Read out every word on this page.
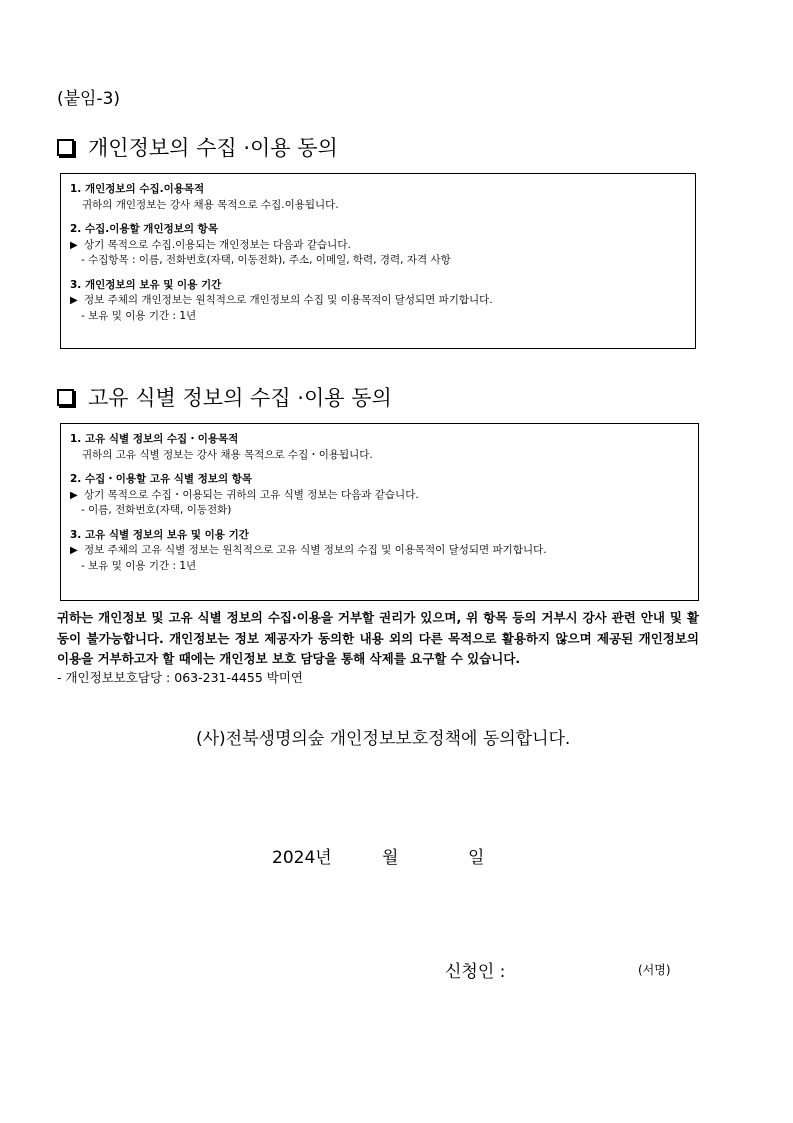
(붙임-3)
개인정보의 수집 ·이용 동의
1. 개인정보의 수집.이용목적
귀하의 개인정보는 강사 채용 목적으로 수집.이용됩니다.
2. 수집.이용할 개인정보의 항목
▶ 상기 목적으로 수집.이용되는 개인정보는 다음과 같습니다.
- 수집항목 : 이름, 전화번호(자택, 이동전화), 주소, 이메일, 학력, 경력, 자격 사항
3. 개인정보의 보유 및 이용 기간
▶ 정보 주체의 개인정보는 원칙적으로 개인정보의 수집 및 이용목적이 달성되면 파기합니다.
- 보유 및 이용 기간 : 1년
고유 식별 정보의 수집 ·이용 동의
1. 고유 식별 정보의 수집・이용목적
귀하의 고유 식별 정보는 강사 채용 목적으로 수집・이용됩니다.
2. 수집・이용할 고유 식별 정보의 항목
▶ 상기 목적으로 수집・이용되는 귀하의 고유 식별 정보는 다음과 같습니다.
- 이름, 전화번호(자택, 이동전화)
3. 고유 식별 정보의 보유 및 이용 기간
▶ 정보 주체의 고유 식별 정보는 원칙적으로 고유 식별 정보의 수집 및 이용목적이 달성되면 파기합니다.
- 보유 및 이용 기간 : 1년
귀하는 개인정보 및 고유 식별 정보의 수집·이용을 거부할 권리가 있으며, 위 항목 등의 거부시 강사 관련 안내 및 활동이 불가능합니다. 개인정보는 정보 제공자가 동의한 내용 외의 다른 목적으로 활용하지 않으며 제공된 개인정보의 이용을 거부하고자 할 때에는 개인정보 보호 담당을 통해 삭제를 요구할 수 있습니다.
- 개인정보보호담당 : 063-231-4455 박미연
(사)전북생명의숲 개인정보보호정책에 동의합니다.
2024년	월	일
신청인 :	(서명)
